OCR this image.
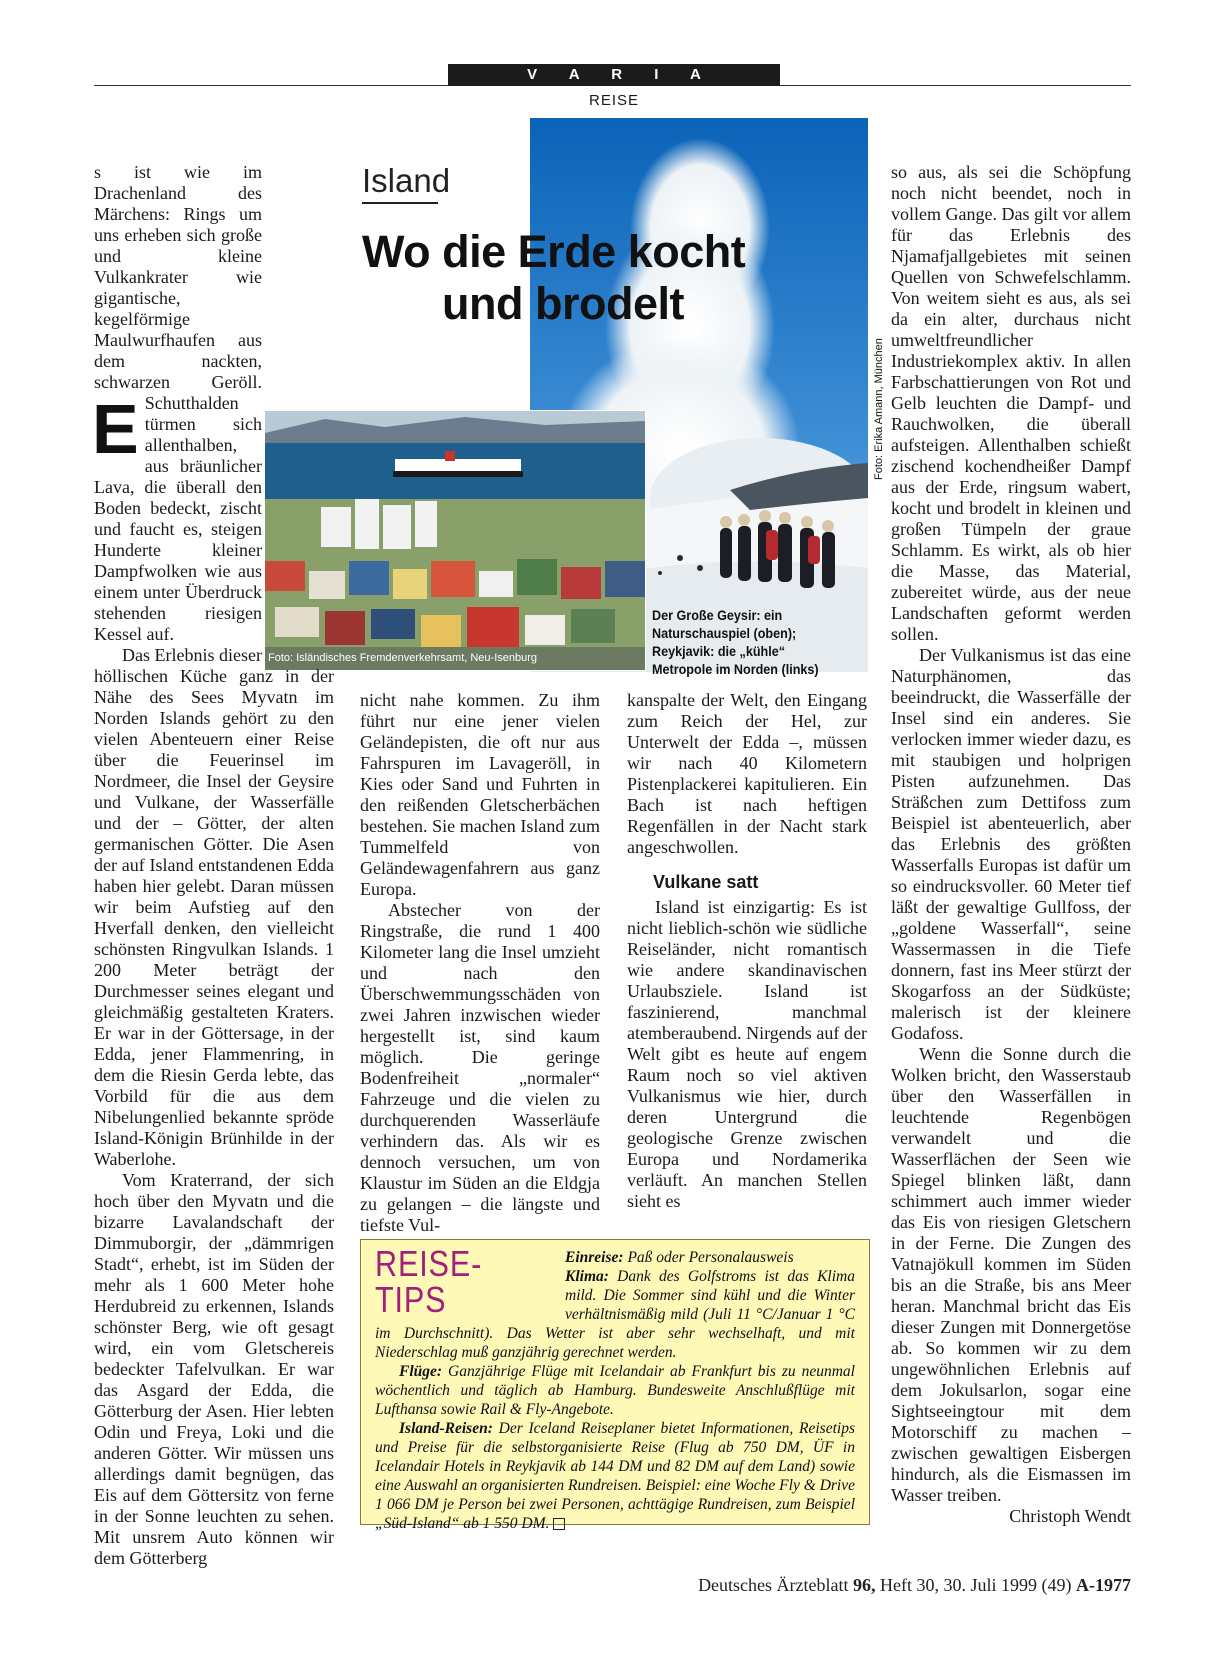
V A R I A
REISE
Foto: Isländisches Fremdenverkehrsamt, Neu-Isenburg
Foto: Erika Amann, München
Island
Wo die Erde kocht
und brodelt
Der Große Geysir: ein Naturschauspiel (oben); Reykjavik: die „kühle“ Metropole im Norden (links)

E
s ist wie im Drachenland des Märchens: Rings um uns erheben sich große und kleine Vulkankrater wie gigantische, kegelförmige Maulwurfhaufen aus dem nackten, schwarzen Geröll. Schutthalden türmen sich allenthalben, aus bräunlicher Lava, die überall den Boden bedeckt, zischt und faucht es, steigen Hunderte kleiner Dampfwolken wie aus einem unter Überdruck stehenden riesigen Kessel auf.

Das Erlebnis dieser höllischen Küche ganz in der Nähe des Sees Myvatn im Norden Islands gehört zu den vielen Abenteuern einer Reise über die Feuerinsel im Nordmeer, die Insel der Geysire und Vulkane, der Wasserfälle und der – Götter, der alten germanischen Götter. Die Asen der auf Island entstandenen Edda haben hier gelebt. Daran müssen wir beim Aufstieg auf den Hverfall denken, den vielleicht schönsten Ringvulkan Islands. 1 200 Meter beträgt der Durchmesser seines elegant und gleichmäßig gestalteten Kraters. Er war in der Göttersage, in der Edda, jener Flammenring, in dem die Riesin Gerda lebte, das Vorbild für die aus dem Nibelungenlied bekannte spröde Island-Königin Brünhilde in der Waberlohe.

Vom Kraterrand, der sich hoch über den Myvatn und die bizarre Lavalandschaft der Dimmuborgir, der „dämmrigen Stadt“, erhebt, ist im Süden der mehr als 1 600 Meter hohe Herdubreid zu erkennen, Islands schönster Berg, wie oft gesagt wird, ein vom Gletschereis bedeckter Tafelvulkan. Er war das Asgard der Edda, die Götterburg der Asen. Hier lebten Odin und Freya, Loki und die anderen Götter. Wir müssen uns allerdings damit begnügen, das Eis auf dem Göttersitz von ferne in der Sonne leuchten zu sehen. Mit unsrem Auto können wir dem Götterberg

nicht nahe kommen. Zu ihm führt nur eine jener vielen Geländepisten, die oft nur aus Fahrspuren im Lavageröll, in Kies oder Sand und Fuhrten in den reißenden Gletscherbächen bestehen. Sie machen Island zum Tummelfeld von Geländewagenfahrern aus ganz Europa.

Abstecher von der Ringstraße, die rund 1 400 Kilometer lang die Insel umzieht und nach den Überschwemmungsschäden von zwei Jahren inzwischen wieder hergestellt ist, sind kaum möglich. Die geringe Bodenfreiheit „normaler“ Fahrzeuge und die vielen zu durchquerenden Wasserläufe verhindern das. Als wir es dennoch versuchen, um von Klaustur im Süden an die Eldgja zu gelangen – die längste und tiefste Vul-

kanspalte der Welt, den Eingang zum Reich der Hel, zur Unterwelt der Edda –, müssen wir nach 40 Kilometern Pistenplackerei kapitulieren. Ein Bach ist nach heftigen Regenfällen in der Nacht stark angeschwollen.

Vulkane satt

Island ist einzigartig: Es ist nicht lieblich-schön wie südliche Reiseländer, nicht romantisch wie andere skandinavischen Urlaubsziele. Island ist faszinierend, manchmal atemberaubend. Nirgends auf der Welt gibt es heute auf engem Raum noch so viel aktiven Vulkanismus wie hier, durch deren Untergrund die geologische Grenze zwischen Europa und Nordamerika verläuft. An manchen Stellen sieht es

so aus, als sei die Schöpfung noch nicht beendet, noch in vollem Gange. Das gilt vor allem für das Erlebnis des Njamafjallgebietes mit seinen Quellen von Schwefelschlamm. Von weitem sieht es aus, als sei da ein alter, durchaus nicht umweltfreundlicher Industriekomplex aktiv. In allen Farbschattierungen von Rot und Gelb leuchten die Dampf- und Rauchwolken, die überall aufsteigen. Allenthalben schießt zischend kochendheißer Dampf aus der Erde, ringsum wabert, kocht und brodelt in kleinen und großen Tümpeln der graue Schlamm. Es wirkt, als ob hier die Masse, das Material, zubereitet würde, aus der neue Landschaften geformt werden sollen.

Der Vulkanismus ist das eine Naturphänomen, das beeindruckt, die Wasserfälle der Insel sind ein anderes. Sie verlocken immer wieder dazu, es mit staubigen und holprigen Pisten aufzunehmen. Das Sträßchen zum Dettifoss zum Beispiel ist abenteuerlich, aber das Erlebnis des größten Wasserfalls Europas ist dafür um so eindrucksvoller. 60 Meter tief läßt der gewaltige Gullfoss, der „goldene Wasserfall“, seine Wassermassen in die Tiefe donnern, fast ins Meer stürzt der Skogarfoss an der Südküste; malerisch ist der kleinere Godafoss.

Wenn die Sonne durch die Wolken bricht, den Wasserstaub über den Wasserfällen in leuchtende Regenbögen verwandelt und die Wasserflächen der Seen wie Spiegel blinken läßt, dann schimmert auch immer wieder das Eis von riesigen Gletschern in der Ferne. Die Zungen des Vatnajökull kommen im Süden bis an die Straße, bis ans Meer heran. Manchmal bricht das Eis dieser Zungen mit Donnergetöse ab. So kommen wir zu dem ungewöhnlichen Erlebnis auf dem Jokulsarlon, sogar eine Sightseeingtour mit dem Motorschiff zu machen – zwischen gewaltigen Eisbergen hindurch, als die Eismassen im Wasser treiben.
Christoph Wendt

REISE-TIPS

Einreise: Paß oder Personalausweis

Klima: Dank des Golfstroms ist das Klima mild. Die Sommer sind kühl und die Winter verhältnismäßig mild (Juli 11 °C/Januar 1 °C im Durchschnitt). Das Wetter ist aber sehr wechselhaft, und mit Niederschlag muß ganzjährig gerechnet werden.

Flüge: Ganzjährige Flüge mit Icelandair ab Frankfurt bis zu neunmal wöchentlich und täglich ab Hamburg. Bundesweite Anschlußflüge mit Lufthansa sowie Rail & Fly-Angebote.

Island-Reisen: Der Iceland Reiseplaner bietet Informationen, Reisetips und Preise für die selbstorganisierte Reise (Flug ab 750 DM, ÜF in Icelandair Hotels in Reykjavik ab 144 DM und 82 DM auf dem Land) sowie eine Auswahl an organisierten Rundreisen. Beispiel: eine Woche Fly & Drive 1 066 DM je Person bei zwei Personen, achttägige Rundreisen, zum Beispiel „Süd-Island“ ab 1 550 DM.

Deutsches Ärzteblatt 96, Heft 30, 30. Juli 1999 (49) A-1977
